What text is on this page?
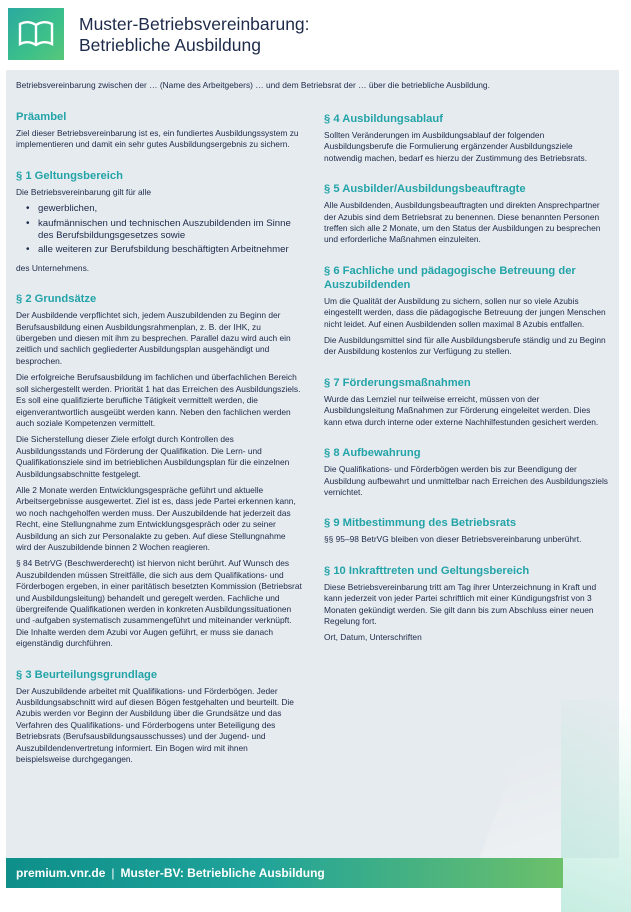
Muster-Betriebsvereinbarung:
Betriebliche Ausbildung
Betriebsvereinbarung zwischen der … (Name des Arbeitgebers) … und dem Betriebsrat der … über die betriebliche Ausbildung.
Präambel

Ziel dieser Betriebsvereinbarung ist es, ein fundiertes Ausbildungssystem zu implementieren und damit ein sehr gutes Ausbildungsergebnis zu sichern.

§ 1 Geltungsbereich

Die Betriebsvereinbarung gilt für alle

• gewerblichen,
• kaufmännischen und technischen Auszubildenden im Sinne des Berufsbildungsgesetzes sowie
• alle weiteren zur Berufsbildung beschäftigten Arbeitnehmer

des Unternehmens.

§ 2 Grundsätze

Der Ausbildende verpflichtet sich, jedem Auszubildenden zu Beginn der Berufsausbildung einen Ausbildungsrahmenplan, z. B. der IHK, zu übergeben und diesen mit ihm zu besprechen. Parallel dazu wird auch ein zeitlich und sachlich gegliederter Ausbildungsplan ausgehändigt und besprochen.

Die erfolgreiche Berufsausbildung im fachlichen und überfachlichen Bereich soll sichergestellt werden. Priorität 1 hat das Erreichen des Ausbildungsziels. Es soll eine qualifizierte berufliche Tätigkeit vermittelt werden, die eigenverantwortlich ausgeübt werden kann. Neben den fachlichen werden auch soziale Kompetenzen vermittelt.

Die Sicherstellung dieser Ziele erfolgt durch Kontrollen des Ausbildungsstands und Förderung der Qualifikation. Die Lern- und Qualifikationsziele sind im betrieblichen Ausbildungsplan für die einzelnen Ausbildungsabschnitte festgelegt.

Alle 2 Monate werden Entwicklungsgespräche geführt und aktuelle Arbeitsergebnisse ausgewertet. Ziel ist es, dass jede Partei erkennen kann, wo noch nachgeholfen werden muss. Der Auszubildende hat jederzeit das Recht, eine Stellungnahme zum Entwicklungsgespräch oder zu seiner Ausbildung an sich zur Personalakte zu geben. Auf diese Stellungnahme wird der Auszubildende binnen 2 Wochen reagieren.

§ 84 BetrVG (Beschwerderecht) ist hiervon nicht berührt. Auf Wunsch des Auszubildenden müssen Streitfälle, die sich aus dem Qualifikations- und Förderbogen ergeben, in einer paritätisch besetzten Kommission (Betriebsrat und Ausbildungsleitung) behandelt und geregelt werden. Fachliche und übergreifende Qualifikationen werden in konkreten Ausbildungssituationen und -aufgaben systematisch zusammengeführt und miteinander verknüpft. Die Inhalte werden dem Azubi vor Augen geführt, er muss sie danach eigenständig durchführen.

§ 3 Beurteilungsgrundlage

Der Auszubildende arbeitet mit Qualifikations- und Förderbögen. Jeder Ausbildungsabschnitt wird auf diesen Bögen festgehalten und beurteilt. Die Azubis werden vor Beginn der Ausbildung über die Grundsätze und das Verfahren des Qualifikations- und Förderbogens unter Beteiligung des Betriebsrats (Berufsausbildungsausschusses) und der Jugend- und Auszubildendenvertretung informiert. Ein Bogen wird mit ihnen beispielsweise durchgegangen.

§ 4 Ausbildungsablauf

Sollten Veränderungen im Ausbildungsablauf der folgenden Ausbildungsberufe die Formulierung ergänzender Ausbildungsziele notwendig machen, bedarf es hierzu der Zustimmung des Betriebsrats.

§ 5 Ausbilder/Ausbildungsbeauftragte

Alle Ausbildenden, Ausbildungsbeauftragten und direkten Ansprechpartner der Azubis sind dem Betriebsrat zu benennen. Diese benannten Personen treffen sich alle 2 Monate, um den Status der Ausbildungen zu besprechen und erforderliche Maßnahmen einzuleiten.

§ 6 Fachliche und pädagogische Betreuung der Auszubildenden

Um die Qualität der Ausbildung zu sichern, sollen nur so viele Azubis eingestellt werden, dass die pädagogische Betreuung der jungen Menschen nicht leidet. Auf einen Ausbildenden sollen maximal 8 Azubis entfallen.

Die Ausbildungsmittel sind für alle Ausbildungsberufe ständig und zu Beginn der Ausbildung kostenlos zur Verfügung zu stellen.

§ 7 Förderungsmaßnahmen

Wurde das Lernziel nur teilweise erreicht, müssen von der Ausbildungsleitung Maßnahmen zur Förderung eingeleitet werden. Dies kann etwa durch interne oder externe Nachhilfestunden gesichert werden.

§ 8 Aufbewahrung

Die Qualifikations- und Förderbögen werden bis zur Beendigung der Ausbildung aufbewahrt und unmittelbar nach Erreichen des Ausbildungsziels vernichtet.

§ 9 Mitbestimmung des Betriebsrats

§§ 95–98 BetrVG bleiben von dieser Betriebsvereinbarung unberührt.

§ 10 Inkrafttreten und Geltungsbereich

Diese Betriebsvereinbarung tritt am Tag ihrer Unterzeichnung in Kraft und kann jederzeit von jeder Partei schriftlich mit einer Kündigungsfrist von 3 Monaten gekündigt werden. Sie gilt dann bis zum Abschluss einer neuen Regelung fort.

Ort, Datum, Unterschriften

premium.vnr.de | Muster-BV: Betriebliche Ausbildung
